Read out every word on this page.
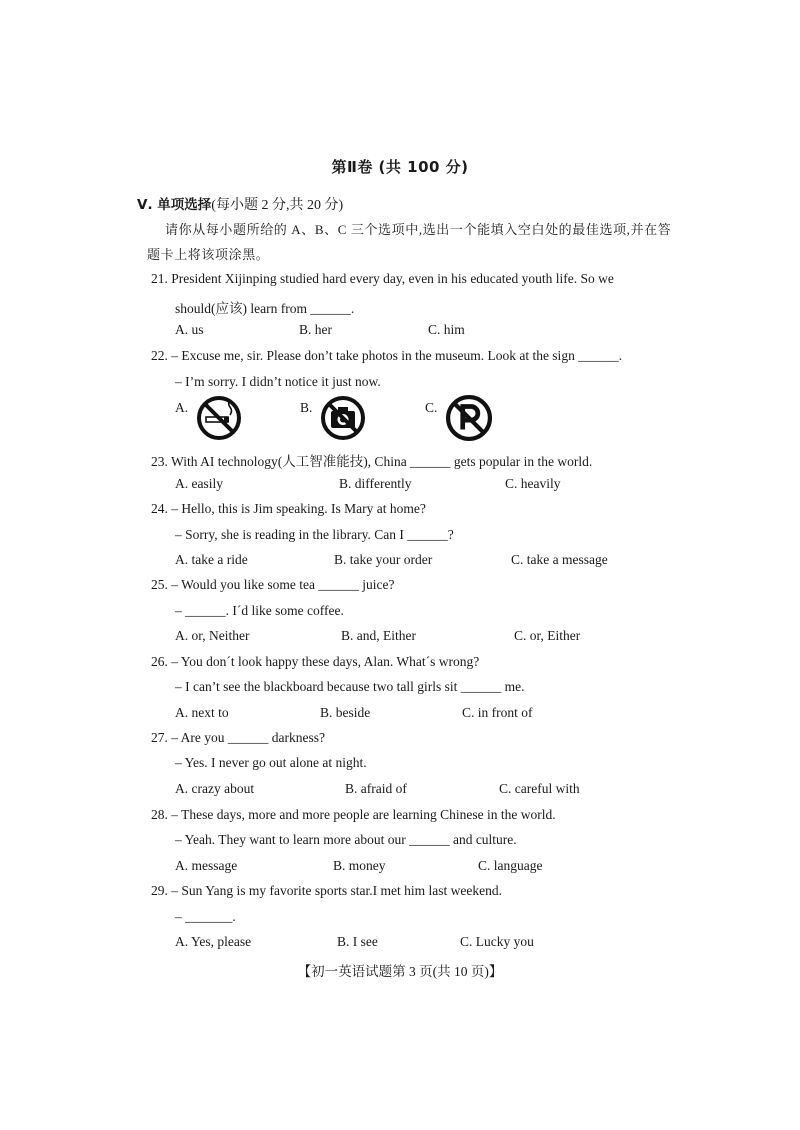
第Ⅱ卷 (共 100 分)
Ⅴ. 单项选择(每小题 2 分,共 20 分)
请你从每小题所给的 A、B、C 三个选项中,选出一个能填入空白处的最佳选项,并在答题卡上将该项涂黑。
21. President Xijinping studied hard every day, even in his educated youth life. So we
should(应该) learn from ______.
A. us	B. her	C. him
22. – Excuse me, sir. Please don’t take photos in the museum. Look at the sign ______.
– I’m sorry. I didn’t notice it just now.
A.	B.	C.
23. With AI technology(人工智准能技), China ______ gets popular in the world.
A. easily	B. differently	C. heavily
24. – Hello, this is Jim speaking. Is Mary at home?
– Sorry, she is reading in the library. Can I ______?
A. take a ride	B. take your order	C. take a message
25. – Would you like some tea ______ juice?
– ______. I´d like some coffee.
A. or, Neither	B. and, Either	C. or, Either
26. – You don´t look happy these days, Alan. What´s wrong?
– I can’t see the blackboard because two tall girls sit ______ me.
A. next to	B. beside	C. in front of
27. – Are you ______ darkness?
– Yes. I never go out alone at night.
A. crazy about	B. afraid of	C. careful with
28. – These days, more and more people are learning Chinese in the world.
– Yeah. They want to learn more about our ______ and culture.
A. message	B. money	C. language
29. – Sun Yang is my favorite sports star.I met him last weekend.
– _______.
A. Yes, please	B. I see	C. Lucky you
【初一英语试题第 3 页(共 10 页)】
